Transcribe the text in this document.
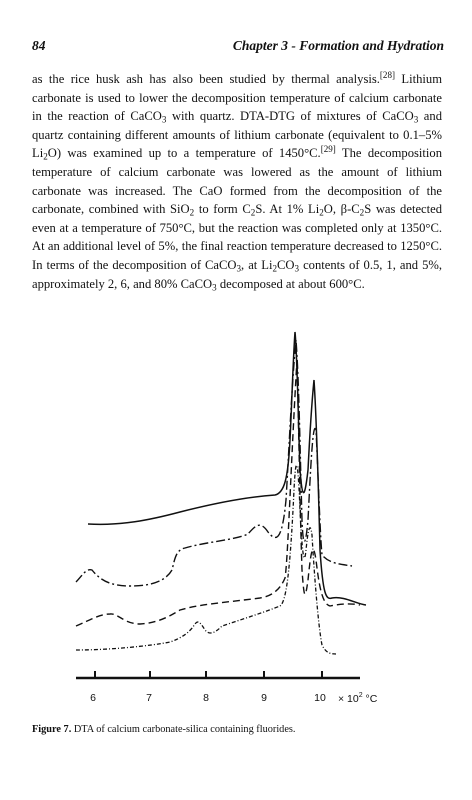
84	Chapter 3 - Formation and Hydration
as the rice husk ash has also been studied by thermal analysis.[28] Lithium carbonate is used to lower the decomposition temperature of calcium carbonate in the reaction of CaCO$_3$ with quartz. DTA-DTG of mixtures of CaCO$_3$ and quartz containing different amounts of lithium carbonate (equivalent to 0.1–5% $Li_2O$) was examined up to a temperature of 1450°C.[29] The decomposition temperature of calcium carbonate was lowered as the amount of lithium carbonate was increased. The CaO formed from the decomposition of the carbonate, combined with SiO$_2$ to form $C_2S$. At 1% $Li_2O$, $\beta-C_2S$ was detected even at a temperature of 750°C, but the reaction was completed only at 1350°C. At an additional level of 5%, the final reaction temperature decreased to 1250°C. In terms of the decomposition of CaCO$_3$, at $Li_2CO_3$ contents of 0.5, 1, and 5%, approximately 2, 6, and 80% CaCO$_3$ decomposed at about 600°C.
6	7	8	9	$10 \times 10^2$ °C
Figure 7. DTA of calcium carbonate-silica containing fluorides.
